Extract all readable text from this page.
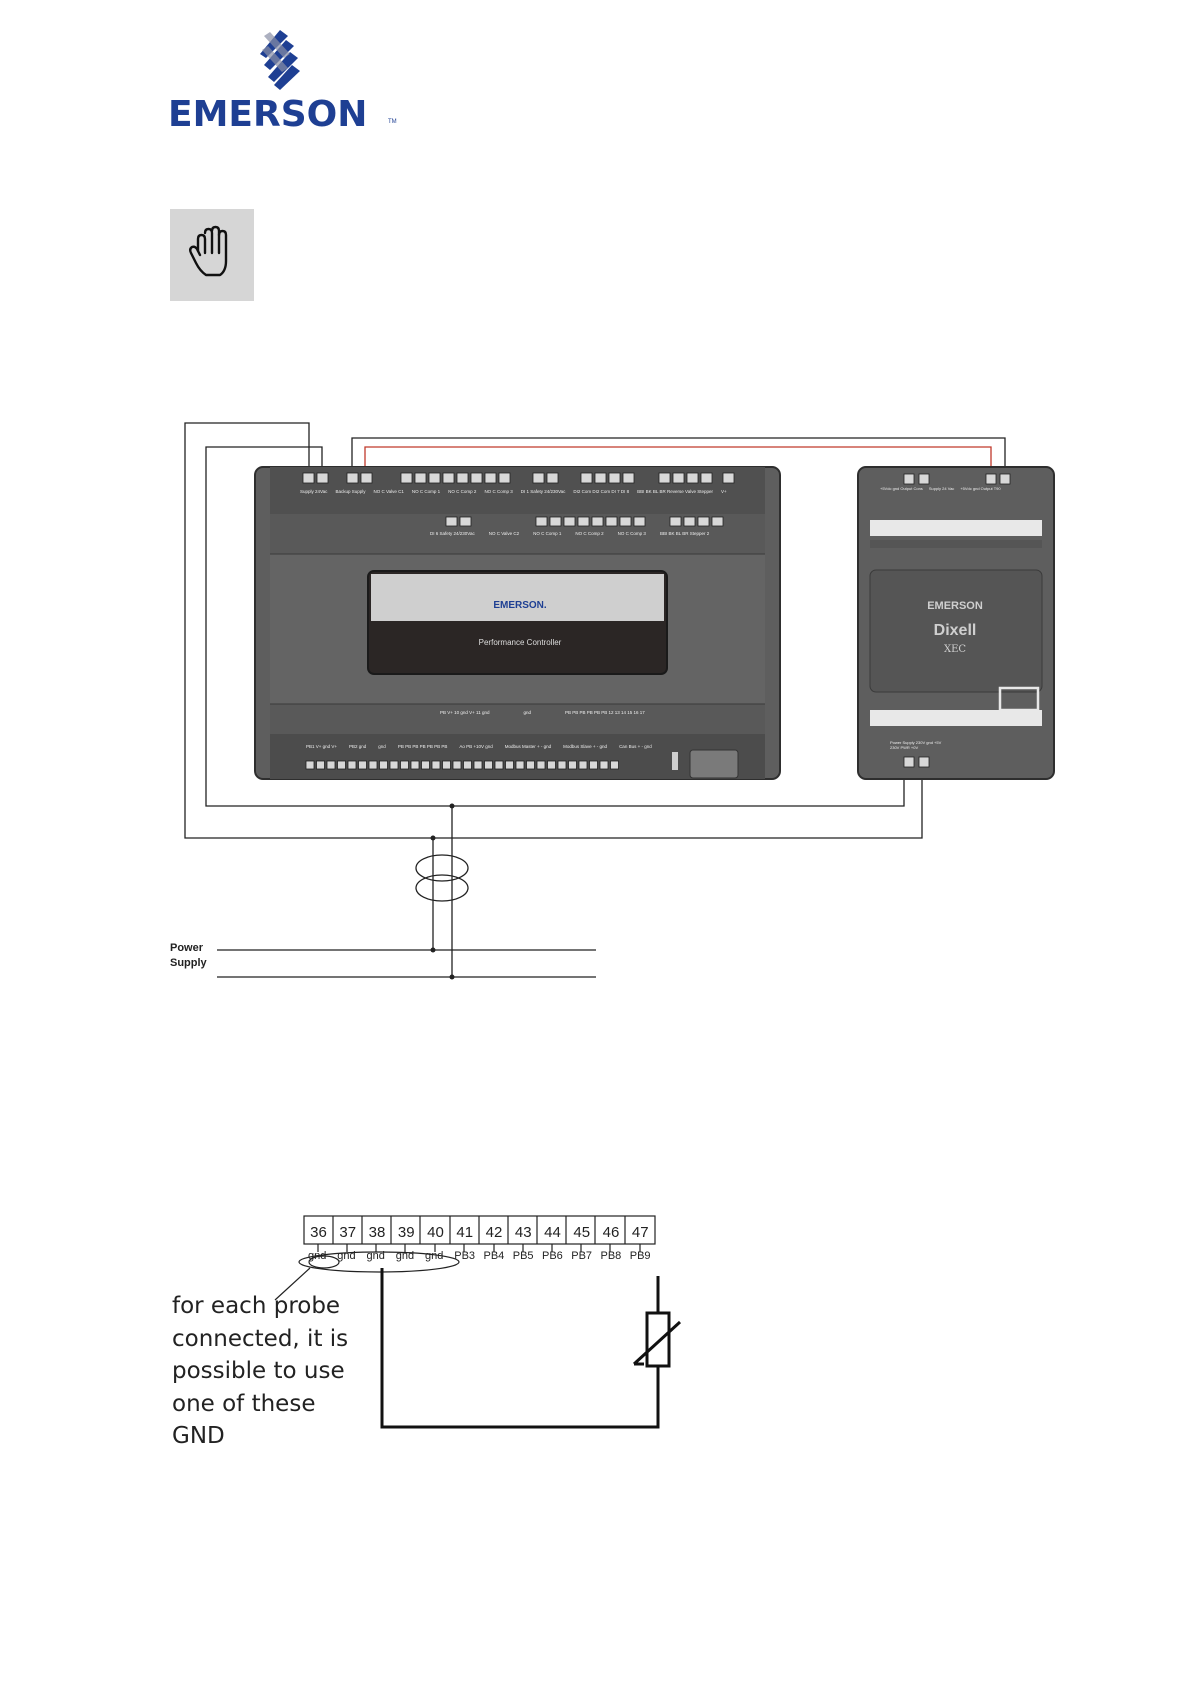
EMERSON	TM
EMERSON.
Performance Controller
Supply 24Vac Backup Supply NO C Valve C1 NO C Comp 1 NO C Comp 2 NO C Comp 3 DI 1 Safety 24/230Vac DI2 Com DI2 Com DI 7 DI 8 BBI BK BL BR Reverse Valve Stepper V+
DI 6 Safety 24/230Vac	NO C Valve C2	NO C Comp 1	NO C Comp 2	NO C Comp 3	BBI BK BL BR Stepper 2
PB V+ 10 gnd V+ 11 gnd	gnd	PB PB PB PB PB PB 12 13 14 15 16 17
PB1 V+ gnd V+	PB2 gnd	gnd	PB PB PB PB PB PB PB	Ao PB +10V gnd	Modbus Master + - gnd	Modbus Slave + - gnd	Can Bus + - gnd
EMERSON
Dixell
XEC
+5Vdc gnd Output Cons Supply 24 Vac +5Vdc gnd Output T90
Power Supply 230V gnd +5V
230V PWR +0V
Power
Supply
36 37 38 39 40 41 42 43 44 45 46 47
gnd gnd gnd gnd gnd PB3 PB4 PB5 PB6 PB7 PB8 PB9
for each probe
connected, it is
possible to use
one of these
GND
